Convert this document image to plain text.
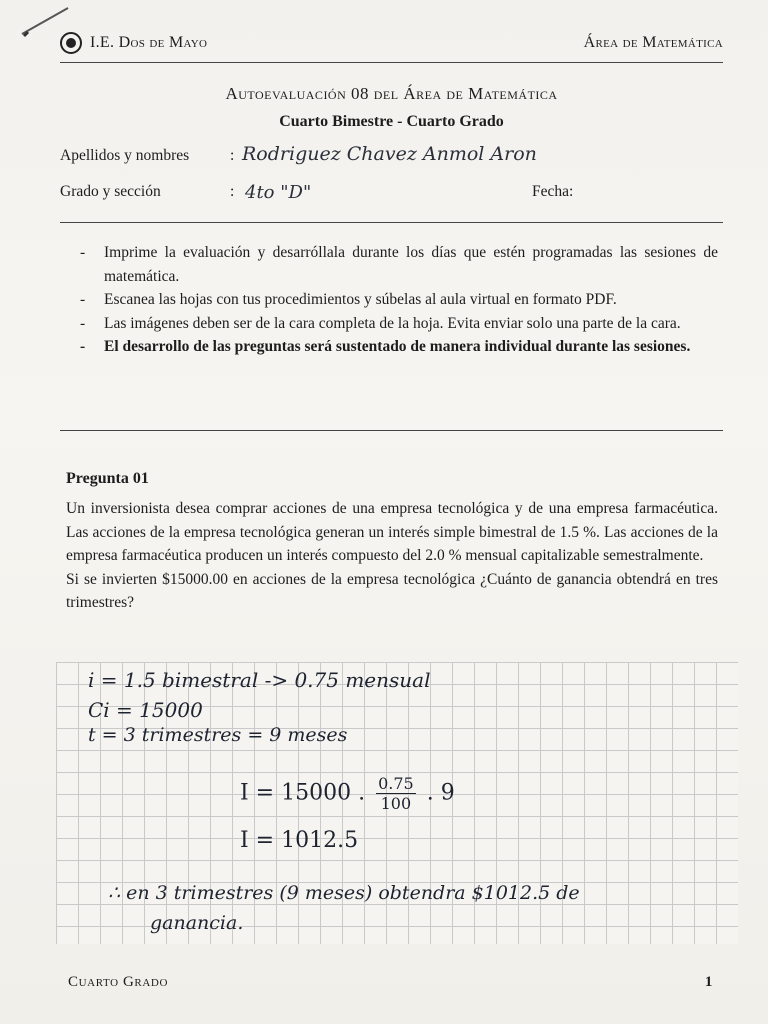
I.E. Dos de Mayo	Área de Matemática
Autoevaluación 08 del Área de Matemática
Cuarto Bimestre - Cuarto Grado
Apellidos y nombres	: Rodriguez Chavez Anmol Aron
Grado y sección	: 4to "D"	Fecha:
- Imprime la evaluación y desarróllala durante los días que estén programadas las sesiones de matemática.
- Escanea las hojas con tus procedimientos y súbelas al aula virtual en formato PDF.
- Las imágenes deben ser de la cara completa de la hoja. Evita enviar solo una parte de la cara.
- El desarrollo de las preguntas será sustentado de manera individual durante las sesiones.
Pregunta 01

Un inversionista desea comprar acciones de una empresa tecnológica y de una empresa farmacéutica. Las acciones de la empresa tecnológica generan un interés simple bimestral de 1.5 %. Las acciones de la empresa farmacéutica producen un interés compuesto del 2.0 % mensual capitalizable semestralmente.

Si se invierten $15000.00 en acciones de la empresa tecnológica ¿Cuánto de ganancia obtendrá en tres trimestres?

i = 1.5 bimestral -> 0.75 mensual
Ci = 15000
t = 3 trimestres = 9 meses
I = 15000 . $\frac{0.75}{100}$ . 9
I = 1012.5
∴ en 3 trimestres (9 meses) obtendra $1012.5 de
ganancia.
Cuarto Grado	1
